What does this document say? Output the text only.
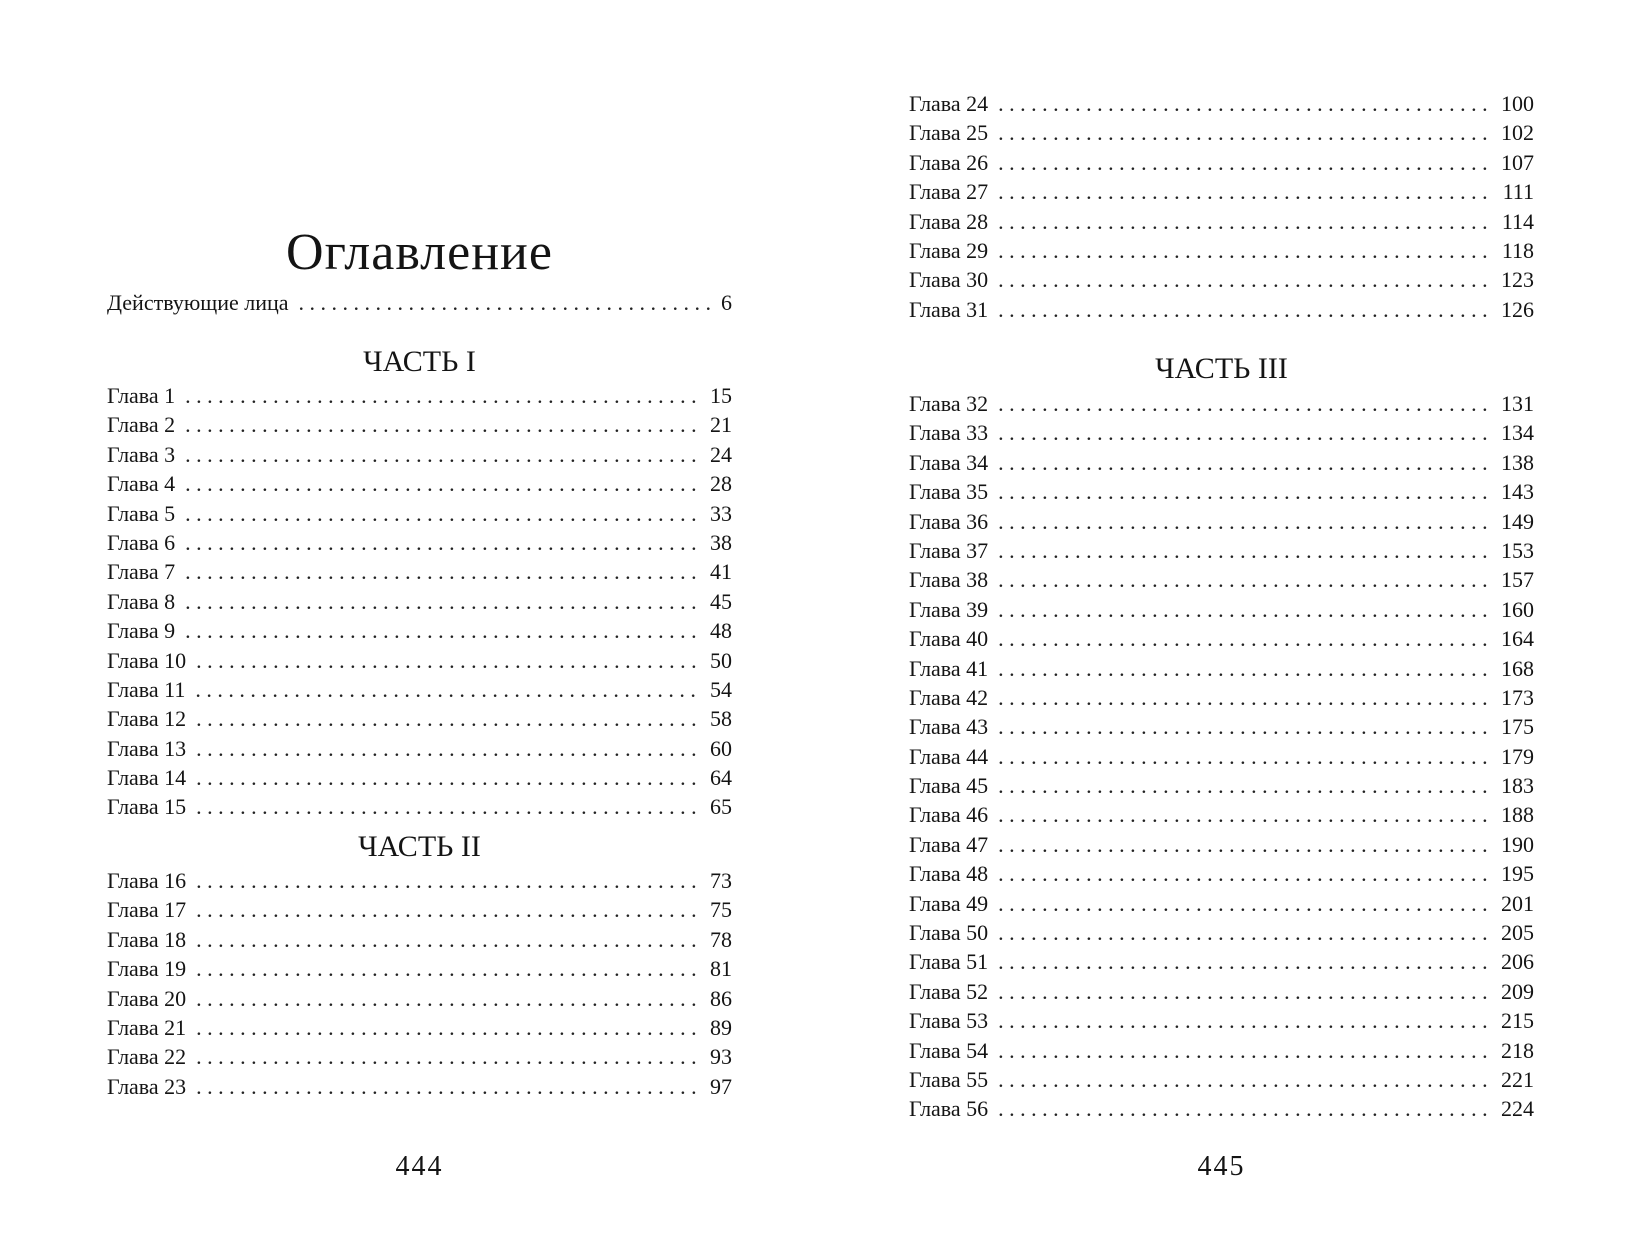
Оглавление
Действующие лица . . .	6
ЧАСТЬ I
Глава 1 . . .	15
Глава 2 . . .	21
Глава 3 . . .	24
Глава 4 . . .	28
Глава 5 . . .	33
Глава 6 . . .	38
Глава 7 . . .	41
Глава 8 . . .	45
Глава 9 . . .	48
Глава 10 . . .	50
Глава 11 . . .	54
Глава 12 . . .	58
Глава 13 . . .	60
Глава 14 . . .	64
Глава 15 . . .	65
ЧАСТЬ II
Глава 16 . . .	73
Глава 17 . . .	75
Глава 18 . . .	78
Глава 19 . . .	81
Глава 20 . . .	86
Глава 21 . . .	89
Глава 22 . . .	93
Глава 23 . . .	97
444
Глава 24 . . .	100
Глава 25 . . .	102
Глава 26 . . .	107
Глава 27 . . .	111
Глава 28 . . .	114
Глава 29 . . .	118
Глава 30 . . .	123
Глава 31 . . .	126
ЧАСТЬ III
Глава 32 . . .	131
Глава 33 . . .	134
Глава 34 . . .	138
Глава 35 . . .	143
Глава 36 . . .	149
Глава 37 . . .	153
Глава 38 . . .	157
Глава 39 . . .	160
Глава 40 . . .	164
Глава 41 . . .	168
Глава 42 . . .	173
Глава 43 . . .	175
Глава 44 . . .	179
Глава 45 . . .	183
Глава 46 . . .	188
Глава 47 . . .	190
Глава 48 . . .	195
Глава 49 . . .	201
Глава 50 . . .	205
Глава 51 . . .	206
Глава 52 . . .	209
Глава 53 . . .	215
Глава 54 . . .	218
Глава 55 . . .	221
Глава 56 . . .	224
445
